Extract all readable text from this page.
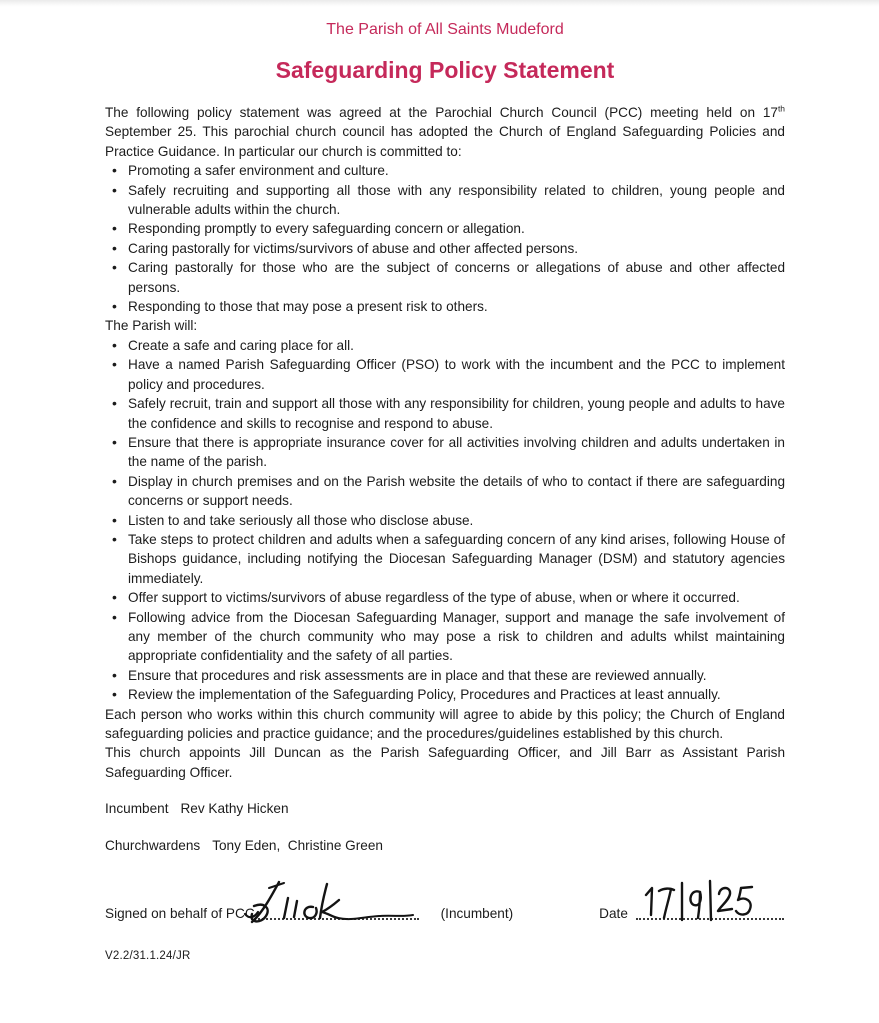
The Parish of All Saints Mudeford
Safeguarding Policy Statement

The following policy statement was agreed at the Parochial Church Council (PCC) meeting held on 17th September 25. This parochial church council has adopted the Church of England Safeguarding Policies and Practice Guidance. In particular our church is committed to:

• Promoting a safer environment and culture.
• Safely recruiting and supporting all those with any responsibility related to children, young people and vulnerable adults within the church.
• Responding promptly to every safeguarding concern or allegation.
• Caring pastorally for victims/survivors of abuse and other affected persons.
• Caring pastorally for those who are the subject of concerns or allegations of abuse and other affected persons.
• Responding to those that may pose a present risk to others.

The Parish will:

• Create a safe and caring place for all.
• Have a named Parish Safeguarding Officer (PSO) to work with the incumbent and the PCC to implement policy and procedures.
• Safely recruit, train and support all those with any responsibility for children, young people and adults to have the confidence and skills to recognise and respond to abuse.
• Ensure that there is appropriate insurance cover for all activities involving children and adults undertaken in the name of the parish.
• Display in church premises and on the Parish website the details of who to contact if there are safeguarding concerns or support needs.
• Listen to and take seriously all those who disclose abuse.
• Take steps to protect children and adults when a safeguarding concern of any kind arises, following House of Bishops guidance, including notifying the Diocesan Safeguarding Manager (DSM) and statutory agencies immediately.
• Offer support to victims/survivors of abuse regardless of the type of abuse, when or where it occurred.
• Following advice from the Diocesan Safeguarding Manager, support and manage the safe involvement of any member of the church community who may pose a risk to children and adults whilst maintaining appropriate confidentiality and the safety of all parties.
• Ensure that procedures and risk assessments are in place and that these are reviewed annually.
• Review the implementation of the Safeguarding Policy, Procedures and Practices at least annually.

Each person who works within this church community will agree to abide by this policy; the Church of England safeguarding policies and practice guidance; and the procedures/guidelines established by this church.

This church appoints Jill Duncan as the Parish Safeguarding Officer, and Jill Barr as Assistant Parish Safeguarding Officer.

Incumbent Rev Kathy Hicken
Churchwardens Tony Eden,  Christine Green
Signed on behalf of PCC	(Incumbent)	Date
V2.2/31.1.24/JR
